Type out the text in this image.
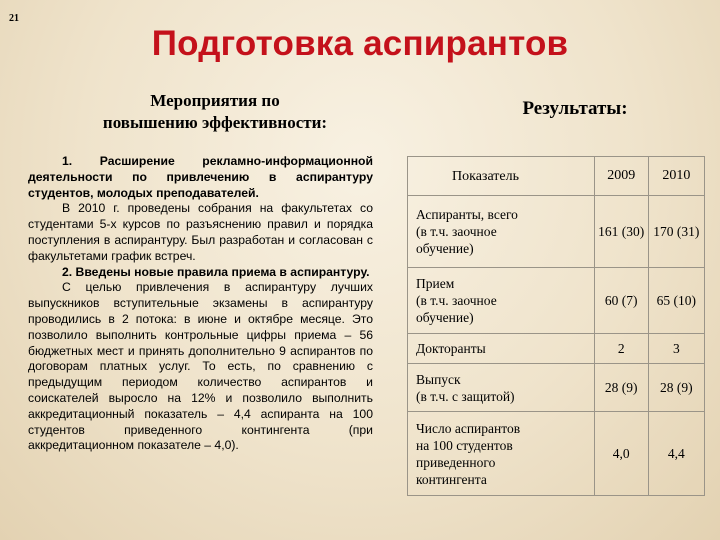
21
Подготовка аспирантов
Мероприятия по
повышению эффективности:
Результаты:

1. Расширение рекламно-информационной деятельности по привлечению в аспирантуру студентов, молодых преподавателей.

В 2010 г. проведены собрания на факультетах со студентами 5-х курсов по разъяснению правил и порядка поступления в аспирантуру. Был разработан и согласован с факультетами график встреч.

2. Введены новые правила приема в аспирантуру.

С целью привлечения в аспирантуру лучших выпускников вступительные экзамены в аспирантуру проводились в 2 потока: в июне и октябре месяце. Это позволило выполнить контрольные цифры приема – 56 бюджетных мест и принять дополнительно 9 аспирантов по договорам платных услуг. То есть, по сравнению с предыдущим периодом количество аспирантов и соискателей выросло на 12% и позволило выполнить аккредитационный показатель – 4,4 аспиранта на 100 студентов приведенного контингента (при аккредитационном показателе – 4,0).

Показатель	2009	2010

Аспиранты, всего
(в т.ч. заочное
обучение)	161 (30)	170 (31)

Прием
(в т.ч. заочное
обучение)	60 (7)	65 (10)

Докторанты	2	3

Выпуск
(в т.ч. с защитой)	28 (9)	28 (9)

Число аспирантов
на 100 студентов
приведенного
контингента	4,0	4,4
